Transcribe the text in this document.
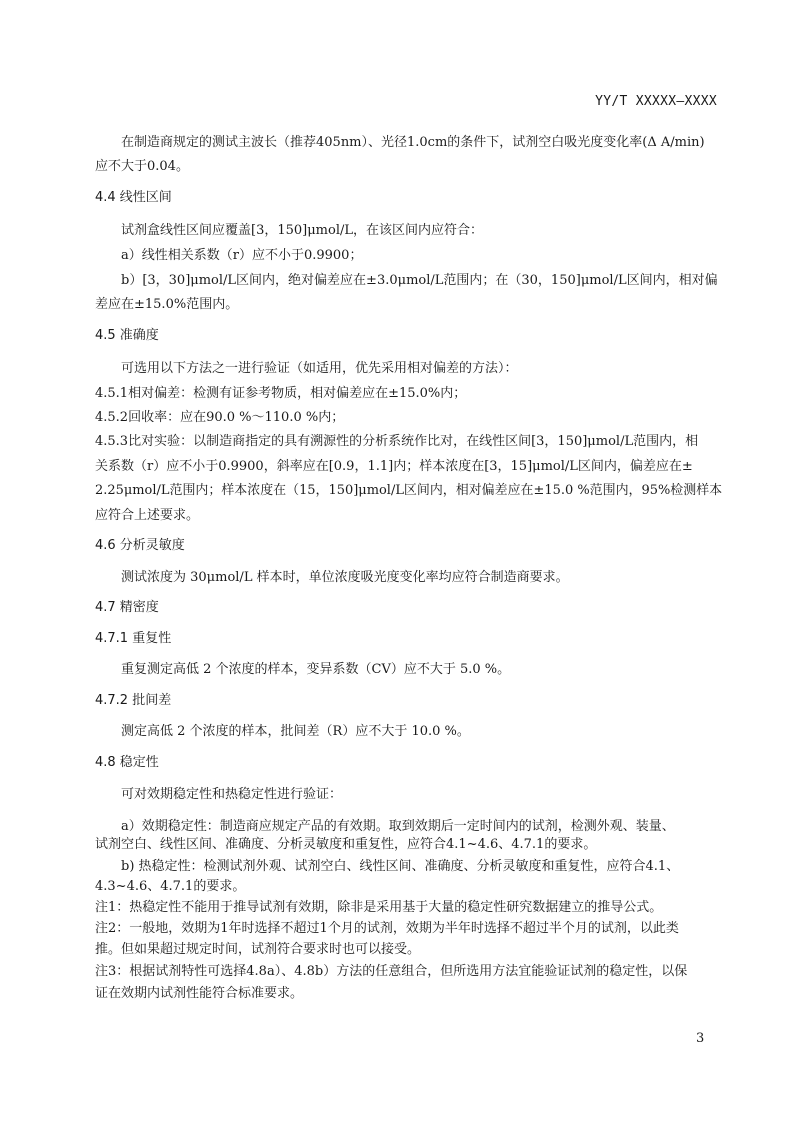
YY/T XXXXX—XXXX
在制造商规定的测试主波长（推荐405nm）、光径1.0cm的条件下，试剂空白吸光度变化率(Δ A/min)
应不大于0.04。
4.4 线性区间
试剂盒线性区间应覆盖[3，150]μmol/L，在该区间内应符合：
a）线性相关系数（r）应不小于0.9900；
b）[3，30]μmol/L区间内，绝对偏差应在±3.0μmol/L范围内；在（30，150]μmol/L区间内，相对偏
差应在±15.0%范围内。
4.5 准确度
可选用以下方法之一进行验证（如适用，优先采用相对偏差的方法）：
4.5.1相对偏差：检测有证参考物质，相对偏差应在±15.0%内；
4.5.2回收率：应在90.0 %～110.0 %内；
4.5.3比对实验：以制造商指定的具有溯源性的分析系统作比对，在线性区间[3，150]μmol/L范围内，相
关系数（r）应不小于0.9900，斜率应在[0.9，1.1]内；样本浓度在[3，15]μmol/L区间内，偏差应在±
2.25μmol/L范围内；样本浓度在（15，150]μmol/L区间内，相对偏差应在±15.0 %范围内，95%检测样本
应符合上述要求。
4.6 分析灵敏度
测试浓度为 30μmol/L 样本时，单位浓度吸光度变化率均应符合制造商要求。
4.7 精密度
4.7.1 重复性
重复测定高低 2 个浓度的样本，变异系数（CV）应不大于 5.0 %。
4.7.2 批间差
测定高低 2 个浓度的样本，批间差（R）应不大于 10.0 %。
4.8 稳定性
可对效期稳定性和热稳定性进行验证：
a）效期稳定性：制造商应规定产品的有效期。取到效期后一定时间内的试剂，检测外观、装量、
试剂空白、线性区间、准确度、分析灵敏度和重复性，应符合4.1~4.6、4.7.1的要求。
b) 热稳定性：检测试剂外观、试剂空白、线性区间、准确度、分析灵敏度和重复性，应符合4.1、
4.3~4.6、4.7.1的要求。
注1：热稳定性不能用于推导试剂有效期，除非是采用基于大量的稳定性研究数据建立的推导公式。
注2：一般地，效期为1年时选择不超过1个月的试剂，效期为半年时选择不超过半个月的试剂，以此类
推。但如果超过规定时间，试剂符合要求时也可以接受。
注3：根据试剂特性可选择4.8a）、4.8b）方法的任意组合，但所选用方法宜能验证试剂的稳定性，以保
证在效期内试剂性能符合标准要求。
3
